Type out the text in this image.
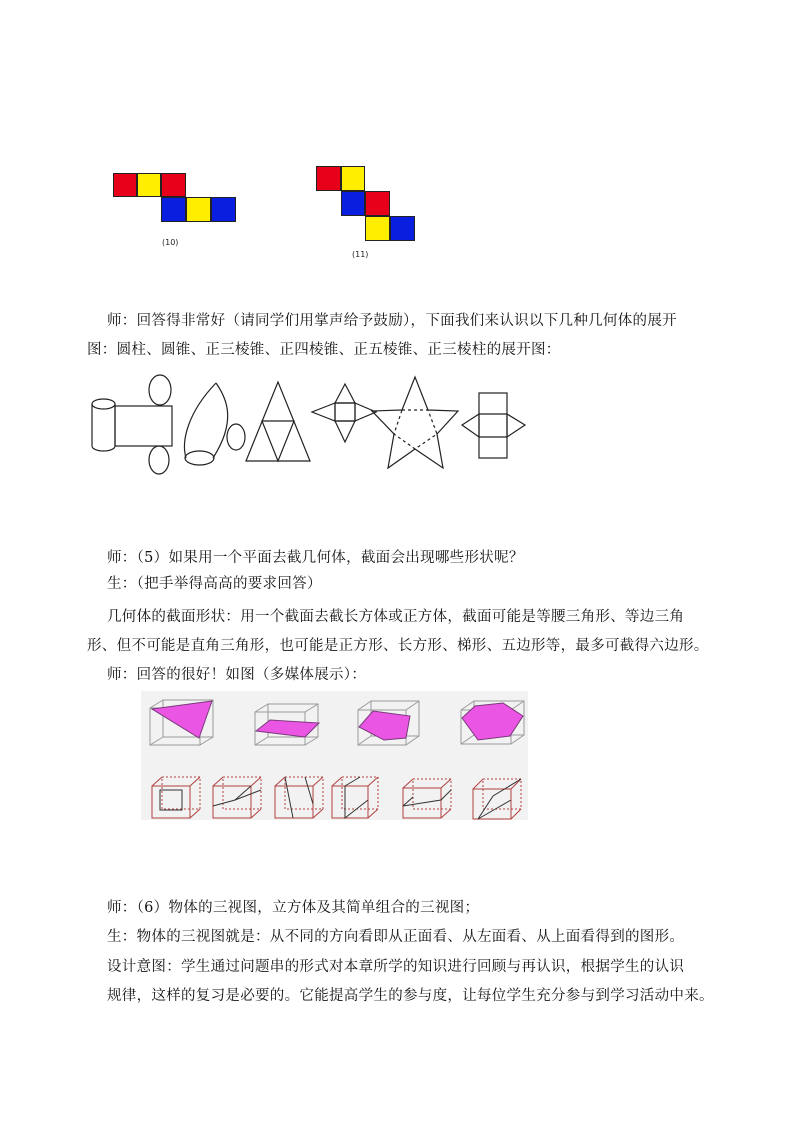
(10)
(11)
师：回答得非常好（请同学们用掌声给予鼓励），下面我们来认识以下几种几何体的展开
图：圆柱、圆锥、正三棱锥、正四棱锥、正五棱锥、正三棱柱的展开图：
师：（5）如果用一个平面去截几何体，截面会出现哪些形状呢？
生：（把手举得高高的要求回答）
几何体的截面形状：用一个截面去截长方体或正方体，截面可能是等腰三角形、等边三角
形、但不可能是直角三角形，也可能是正方形、长方形、梯形、五边形等，最多可截得六边形。
师：回答的很好！如图（多媒体展示）：
师：（6）物体的三视图，立方体及其简单组合的三视图；
生：物体的三视图就是：从不同的方向看即从正面看、从左面看、从上面看得到的图形。
设计意图：学生通过问题串的形式对本章所学的知识进行回顾与再认识，根据学生的认识
规律，这样的复习是必要的。它能提高学生的参与度，让每位学生充分参与到学习活动中来。
